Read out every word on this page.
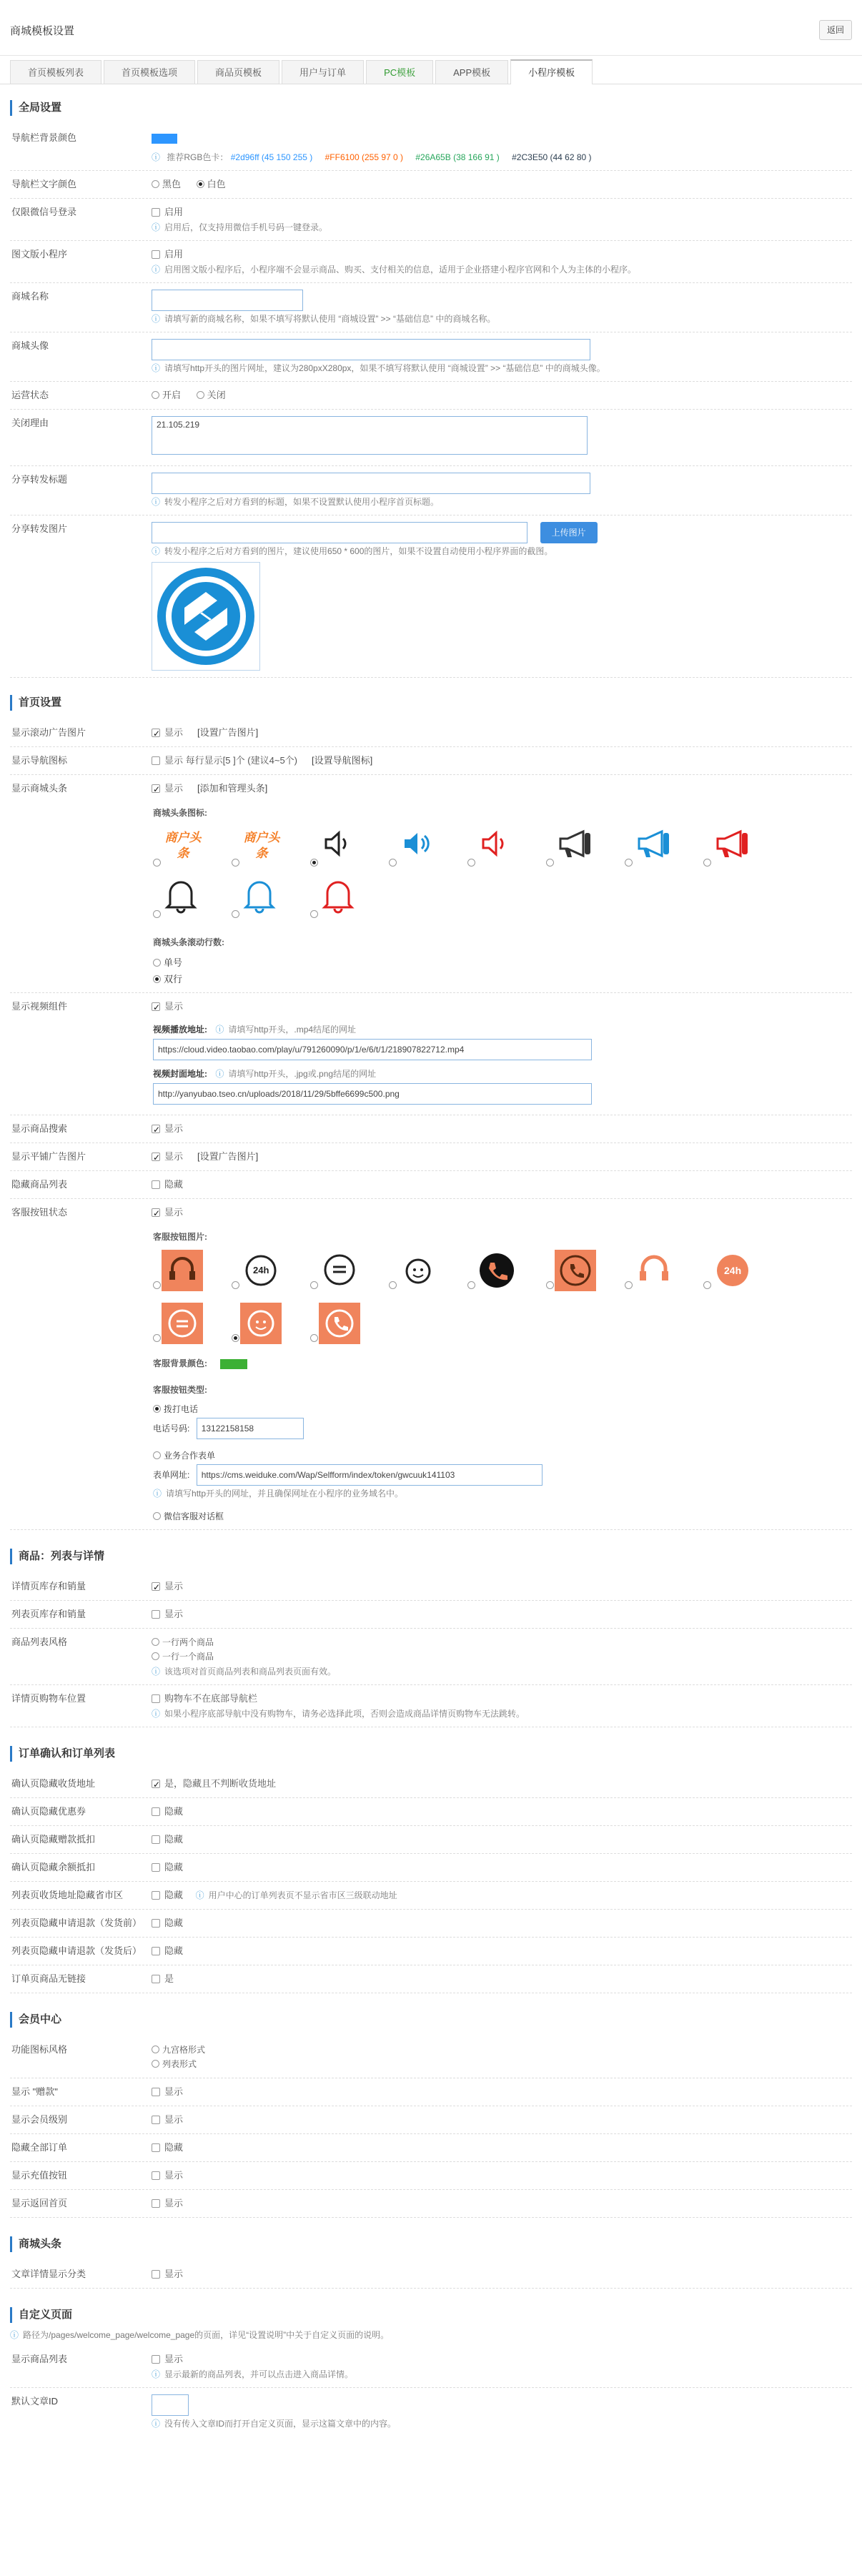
商城模板设置	返回
首页模板列表	首页模板选项	商品页模板	用户与订单	PC模板	APP模板	小程序模板
全局设置
导航栏背景颜色
ⓘ 推荐RGB色卡： #2d96ff (45 150 255 ) #FF6100 (255 97 0 ) #26A65B (38 166 91 ) #2C3E50 (44 62 80 )
导航栏文字颜色	黑色	白色
仅限微信号登录	启用
ⓘ 启用后，仅支持用微信手机号码一键登录。
图文版小程序	启用
ⓘ 启用图文版小程序后，小程序端不会显示商品、购买、支付相关的信息，适用于企业搭建小程序官网和个人为主体的小程序。
商城名称
ⓘ 请填写新的商城名称，如果不填写将默认使用 “商城设置” >> “基础信息” 中的商城名称。
商城头像
ⓘ 请填写http开头的图片网址，建议为280pxX280px，如果不填写将默认使用 “商城设置” >> “基础信息” 中的商城头像。
运营状态	开启	关闭
关闭理由
21.105.219
分享转发标题
ⓘ 转发小程序之后对方看到的标题，如果不设置默认使用小程序首页标题。
分享转发图片	上传图片
ⓘ 转发小程序之后对方看到的图片，建议使用650 * 600的图片，如果不设置自动使用小程序界面的截图。
首页设置
显示滚动广告图片 ✓	显示 [设置广告图片]
显示导航图标	显示 每行显示[5 ]个 (建议4~5个) [设置导航图标]
显示商城头条 ✓	显示 [添加和管理头条]
商城头条图标:
商户头条
商户头条
商城头条滚动行数:
单号
双行
显示视频组件 ✓	显示
视频播放地址: ⓘ 请填写http开头，.mp4结尾的网址
https://cloud.video.taobao.com/play/u/791260090/p/1/e/6/t/1/218907822712.mp4
视频封面地址: ⓘ 请填写http开头，.jpg或.png结尾的网址
http://yanyubao.tseo.cn/uploads/2018/11/29/5bffe6699c500.png
显示商品搜索 ✓	显示
显示平铺广告图片 ✓	显示 [设置广告图片]
隐藏商品列表	隐藏
客服按钮状态 ✓	显示
客服按钮图片:
24h	24h
客服背景颜色:
客服按钮类型:
拨打电话
电话号码: 13122158158
业务合作表单
表单网址: https://cms.weiduke.com/Wap/Selfform/index/token/gwcuuk141103
ⓘ 请填写http开头的网址，并且确保网址在小程序的业务域名中。
微信客服对话框
商品：列表与详情
详情页库存和销量 ✓	显示
列表页库存和销量	显示
商品列表风格	一行两个商品
一行一个商品
ⓘ 该选项对首页商品列表和商品列表页面有效。
详情页购物车位置	购物车不在底部导航栏
ⓘ 如果小程序底部导航中没有购物车，请务必选择此项，否则会造成商品详情页购物车无法跳转。
订单确认和订单列表
确认页隐藏收货地址 ✓	是，隐藏且不判断收货地址
确认页隐藏优惠券	隐藏
确认页隐藏赠款抵扣	隐藏
确认页隐藏余额抵扣	隐藏
列表页收货地址隐藏省市区	隐藏 ⓘ 用户中心的订单列表页不显示省市区三级联动地址
列表页隐藏申请退款（发货前）	隐藏
列表页隐藏申请退款（发货后）	隐藏
订单页商品无链接	是
会员中心
功能图标风格	九宫格形式
列表形式
显示 "赠款"	显示
显示会员级别	显示
隐藏全部订单	隐藏
显示充值按钮	显示
显示返回首页	显示
商城头条
文章详情显示分类	显示
自定义页面
ⓘ 路径为/pages/welcome_page/welcome_page的页面，详见“设置说明”中关于自定义页面的说明。
显示商品列表	显示
ⓘ 显示最新的商品列表，并可以点击进入商品详情。
默认文章ID
ⓘ 没有传入文章ID而打开自定义页面，显示这篇文章中的内容。
